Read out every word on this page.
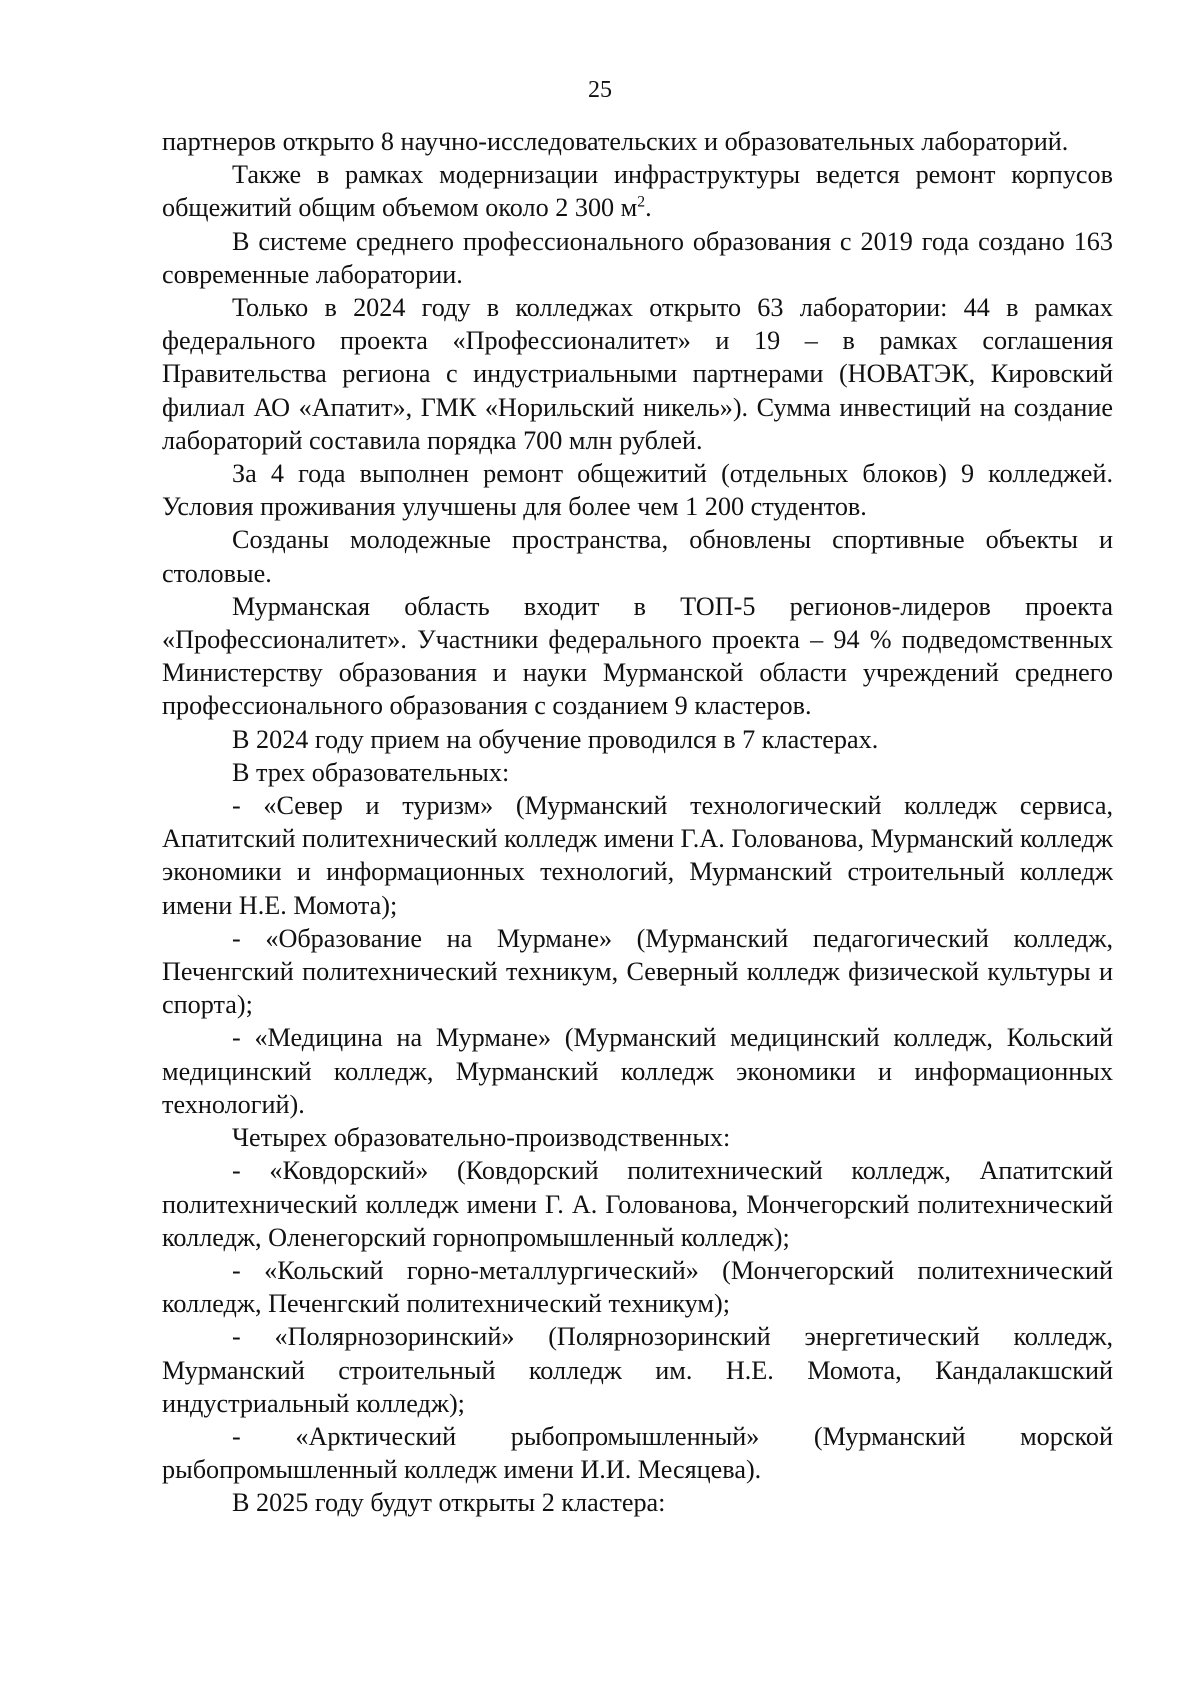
25

партнеров открыто 8 научно-исследовательских и образовательных лабораторий.

Также в рамках модернизации инфраструктуры ведется ремонт корпусов общежитий общим объемом около 2 300 $м^2$.

В системе среднего профессионального образования с 2019 года создано 163 современные лаборатории.

Только в 2024 году в колледжах открыто 63 лаборатории: 44 в рамках федерального проекта «Профессионалитет» и 19 – в рамках соглашения Правительства региона с индустриальными партнерами (НОВАТЭК, Кировский филиал АО «Апатит», ГМК «Норильский никель»). Сумма инвестиций на создание лабораторий составила порядка 700 млн рублей.

За 4 года выполнен ремонт общежитий (отдельных блоков) 9 колледжей. Условия проживания улучшены для более чем 1 200 студентов.

Созданы молодежные пространства, обновлены спортивные объекты и столовые.

Мурманская область входит в ТОП-5 регионов-лидеров проекта «Профессионалитет». Участники федерального проекта – 94 % подведомственных Министерству образования и науки Мурманской области учреждений среднего профессионального образования с созданием 9 кластеров.

В 2024 году прием на обучение проводился в 7 кластерах.

В трех образовательных:

- «Север и туризм» (Мурманский технологический колледж сервиса, Апатитский политехнический колледж имени Г.А. Голованова, Мурманский колледж экономики и информационных технологий, Мурманский строительный колледж имени Н.Е. Момота);

- «Образование на Мурмане» (Мурманский педагогический колледж, Печенгский политехнический техникум, Северный колледж физической культуры и спорта);

- «Медицина на Мурмане» (Мурманский медицинский колледж, Кольский медицинский колледж, Мурманский колледж экономики и информационных технологий).

Четырех образовательно-производственных:

- «Ковдорский» (Ковдорский политехнический колледж, Апатитский политехнический колледж имени Г. А. Голованова, Мончегорский политехнический колледж, Оленегорский горнопромышленный колледж);

- «Кольский горно-металлургический» (Мончегорский политехнический колледж, Печенгский политехнический техникум);

- «Полярнозоринский» (Полярнозоринский энергетический колледж, Мурманский строительный колледж им. Н.Е. Момота, Кандалакшский индустриальный колледж);

- «Арктический рыбопромышленный» (Мурманский морской рыбопромышленный колледж имени И.И. Месяцева).

В 2025 году будут открыты 2 кластера:
